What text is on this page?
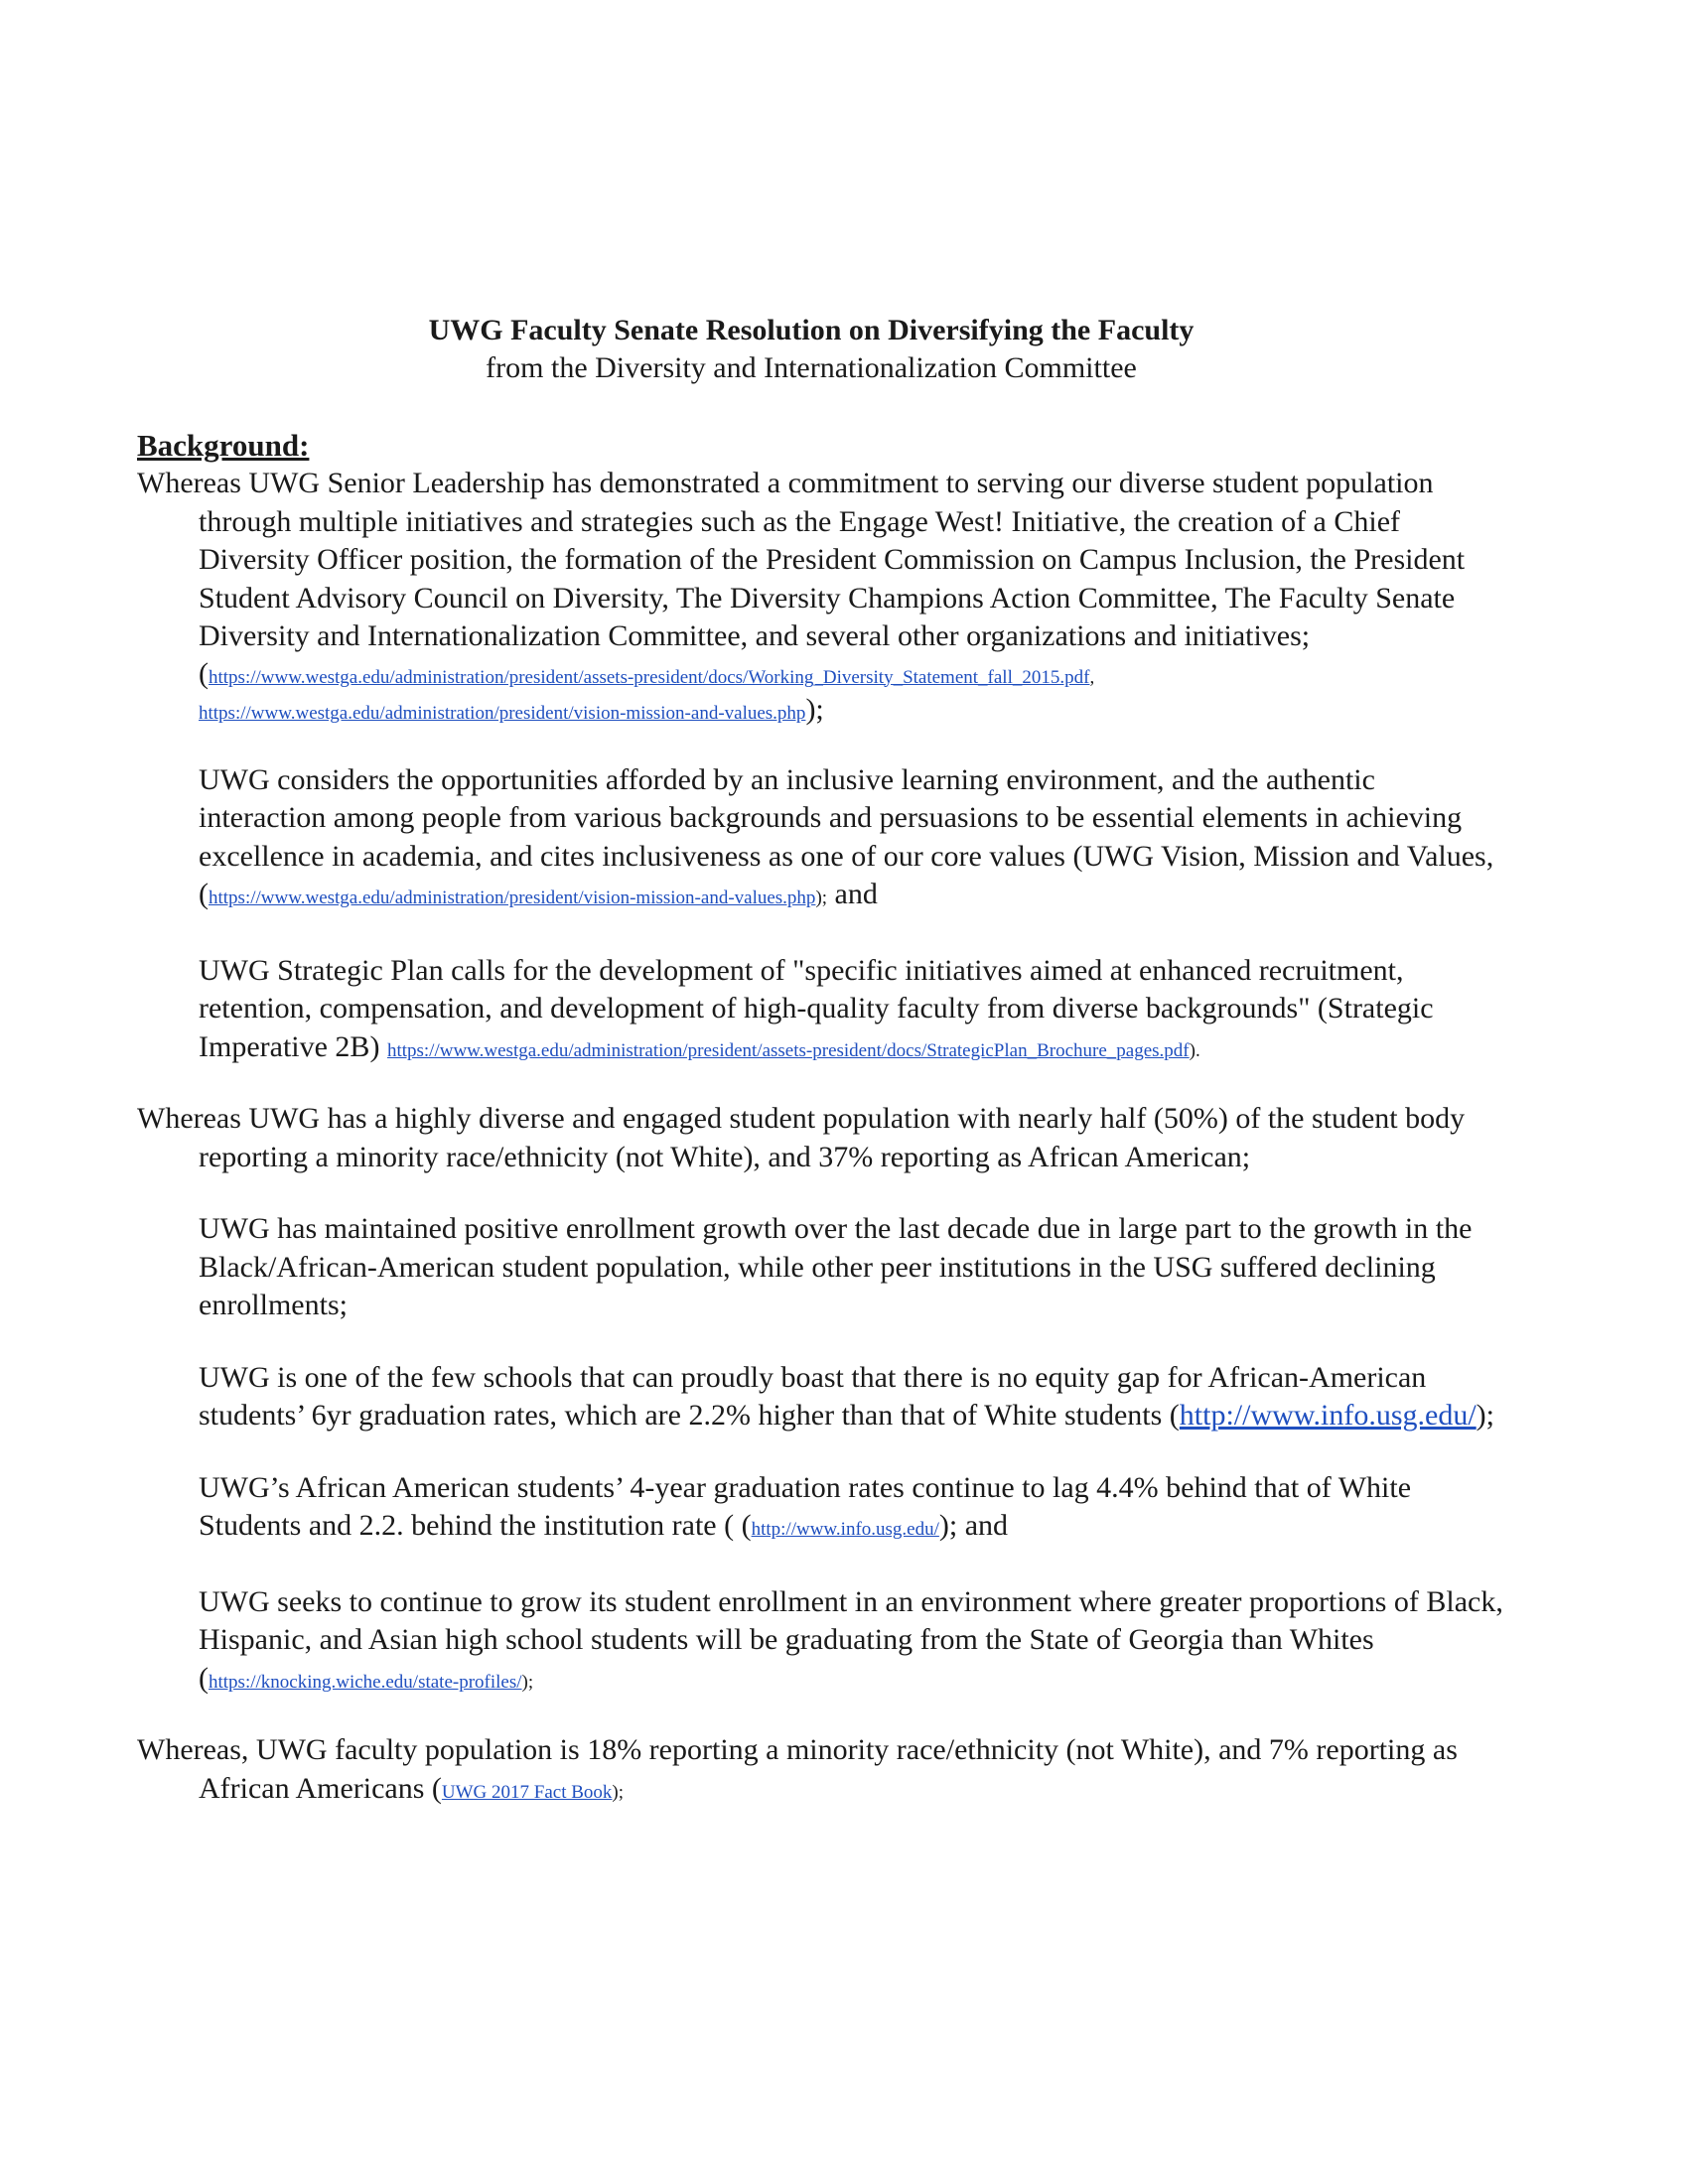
UWG Faculty Senate Resolution on Diversifying the Faculty
from the Diversity and Internationalization Committee
Background:

Whereas UWG Senior Leadership has demonstrated a commitment to serving our diverse student population through multiple initiatives and strategies such as the Engage West! Initiative, the creation of a Chief Diversity Officer position, the formation of the President Commission on Campus Inclusion, the President Student Advisory Council on Diversity, The Diversity Champions Action Committee, The Faculty Senate Diversity and Internationalization Committee, and several other organizations and initiatives;

(https://www.westga.edu/administration/president/assets-president/docs/Working_Diversity_Statement_fall_2015.pdf,
https://www.westga.edu/administration/president/vision-mission-and-values.php);

UWG considers the opportunities afforded by an inclusive learning environment, and the authentic interaction among people from various backgrounds and persuasions to be essential elements in achieving excellence in academia, and cites inclusiveness as one of our core values (UWG Vision, Mission and Values, (https://www.westga.edu/administration/president/vision-mission-and-values.php); and

UWG Strategic Plan calls for the development of "specific initiatives aimed at enhanced recruitment, retention, compensation, and development of high-quality faculty from diverse backgrounds" (Strategic Imperative 2B) https://www.westga.edu/administration/president/assets-president/docs/StrategicPlan_Brochure_pages.pdf).

Whereas UWG has a highly diverse and engaged student population with nearly half (50%) of the student body reporting a minority race/ethnicity (not White), and 37% reporting as African American;

UWG has maintained positive enrollment growth over the last decade due in large part to the growth in the Black/African-American student population, while other peer institutions in the USG suffered declining enrollments;

UWG is one of the few schools that can proudly boast that there is no equity gap for African-American students’ 6yr graduation rates, which are 2.2% higher than that of White students (http://www.info.usg.edu/);

UWG’s African American students’ 4-year graduation rates continue to lag 4.4% behind that of White Students and 2.2. behind the institution rate ( (http://www.info.usg.edu/); and

UWG seeks to continue to grow its student enrollment in an environment where greater proportions of Black, Hispanic, and Asian high school students will be graduating from the State of Georgia than Whites (https://knocking.wiche.edu/state-profiles/);

Whereas, UWG faculty population is 18% reporting a minority race/ethnicity (not White), and 7% reporting as African Americans (UWG 2017 Fact Book);
